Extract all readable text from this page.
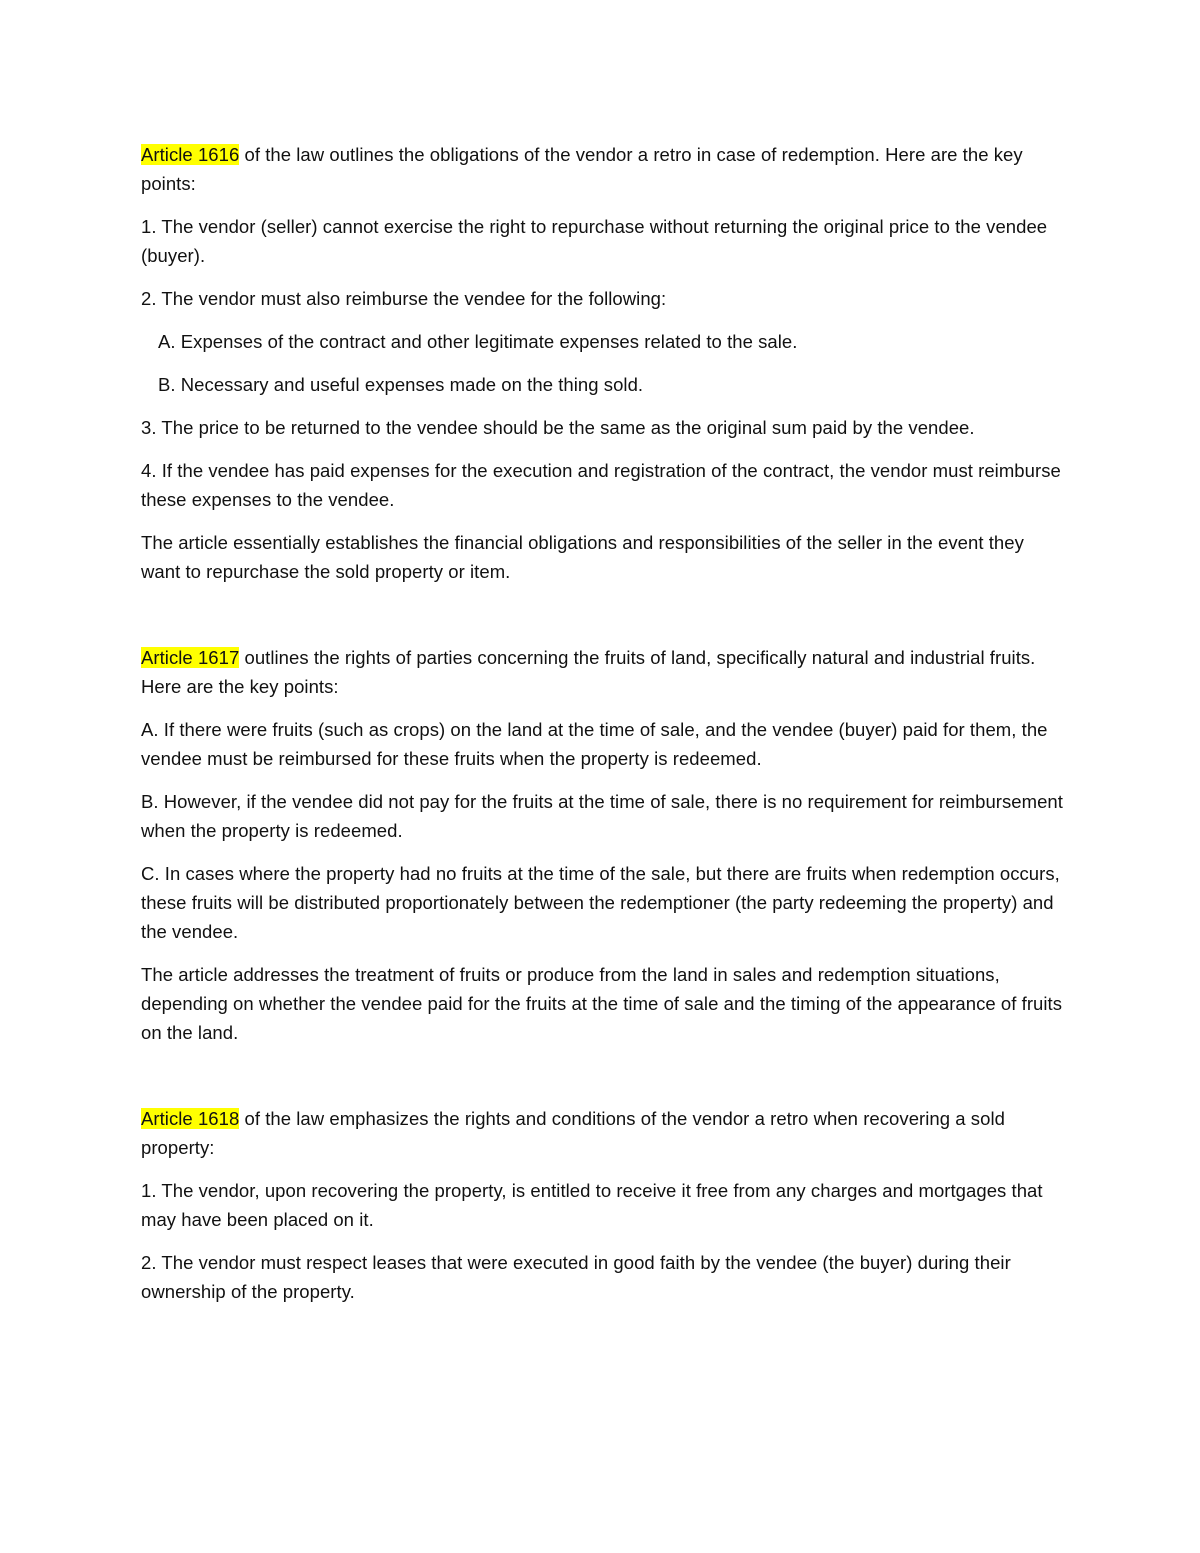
Article 1616 of the law outlines the obligations of the vendor a retro in case of redemption. Here are the key points:

1. The vendor (seller) cannot exercise the right to repurchase without returning the original price to the vendee (buyer).

2. The vendor must also reimburse the vendee for the following:

A. Expenses of the contract and other legitimate expenses related to the sale.

B. Necessary and useful expenses made on the thing sold.

3. The price to be returned to the vendee should be the same as the original sum paid by the vendee.

4. If the vendee has paid expenses for the execution and registration of the contract, the vendor must reimburse these expenses to the vendee.

The article essentially establishes the financial obligations and responsibilities of the seller in the event they want to repurchase the sold property or item.

Article 1617 outlines the rights of parties concerning the fruits of land, specifically natural and industrial fruits. Here are the key points:

A. If there were fruits (such as crops) on the land at the time of sale, and the vendee (buyer) paid for them, the vendee must be reimbursed for these fruits when the property is redeemed.

B. However, if the vendee did not pay for the fruits at the time of sale, there is no requirement for reimbursement when the property is redeemed.

C. In cases where the property had no fruits at the time of the sale, but there are fruits when redemption occurs, these fruits will be distributed proportionately between the redemptioner (the party redeeming the property) and the vendee.

The article addresses the treatment of fruits or produce from the land in sales and redemption situations, depending on whether the vendee paid for the fruits at the time of sale and the timing of the appearance of fruits on the land.

Article 1618 of the law emphasizes the rights and conditions of the vendor a retro when recovering a sold property:

1. The vendor, upon recovering the property, is entitled to receive it free from any charges and mortgages that may have been placed on it.

2. The vendor must respect leases that were executed in good faith by the vendee (the buyer) during their ownership of the property.
